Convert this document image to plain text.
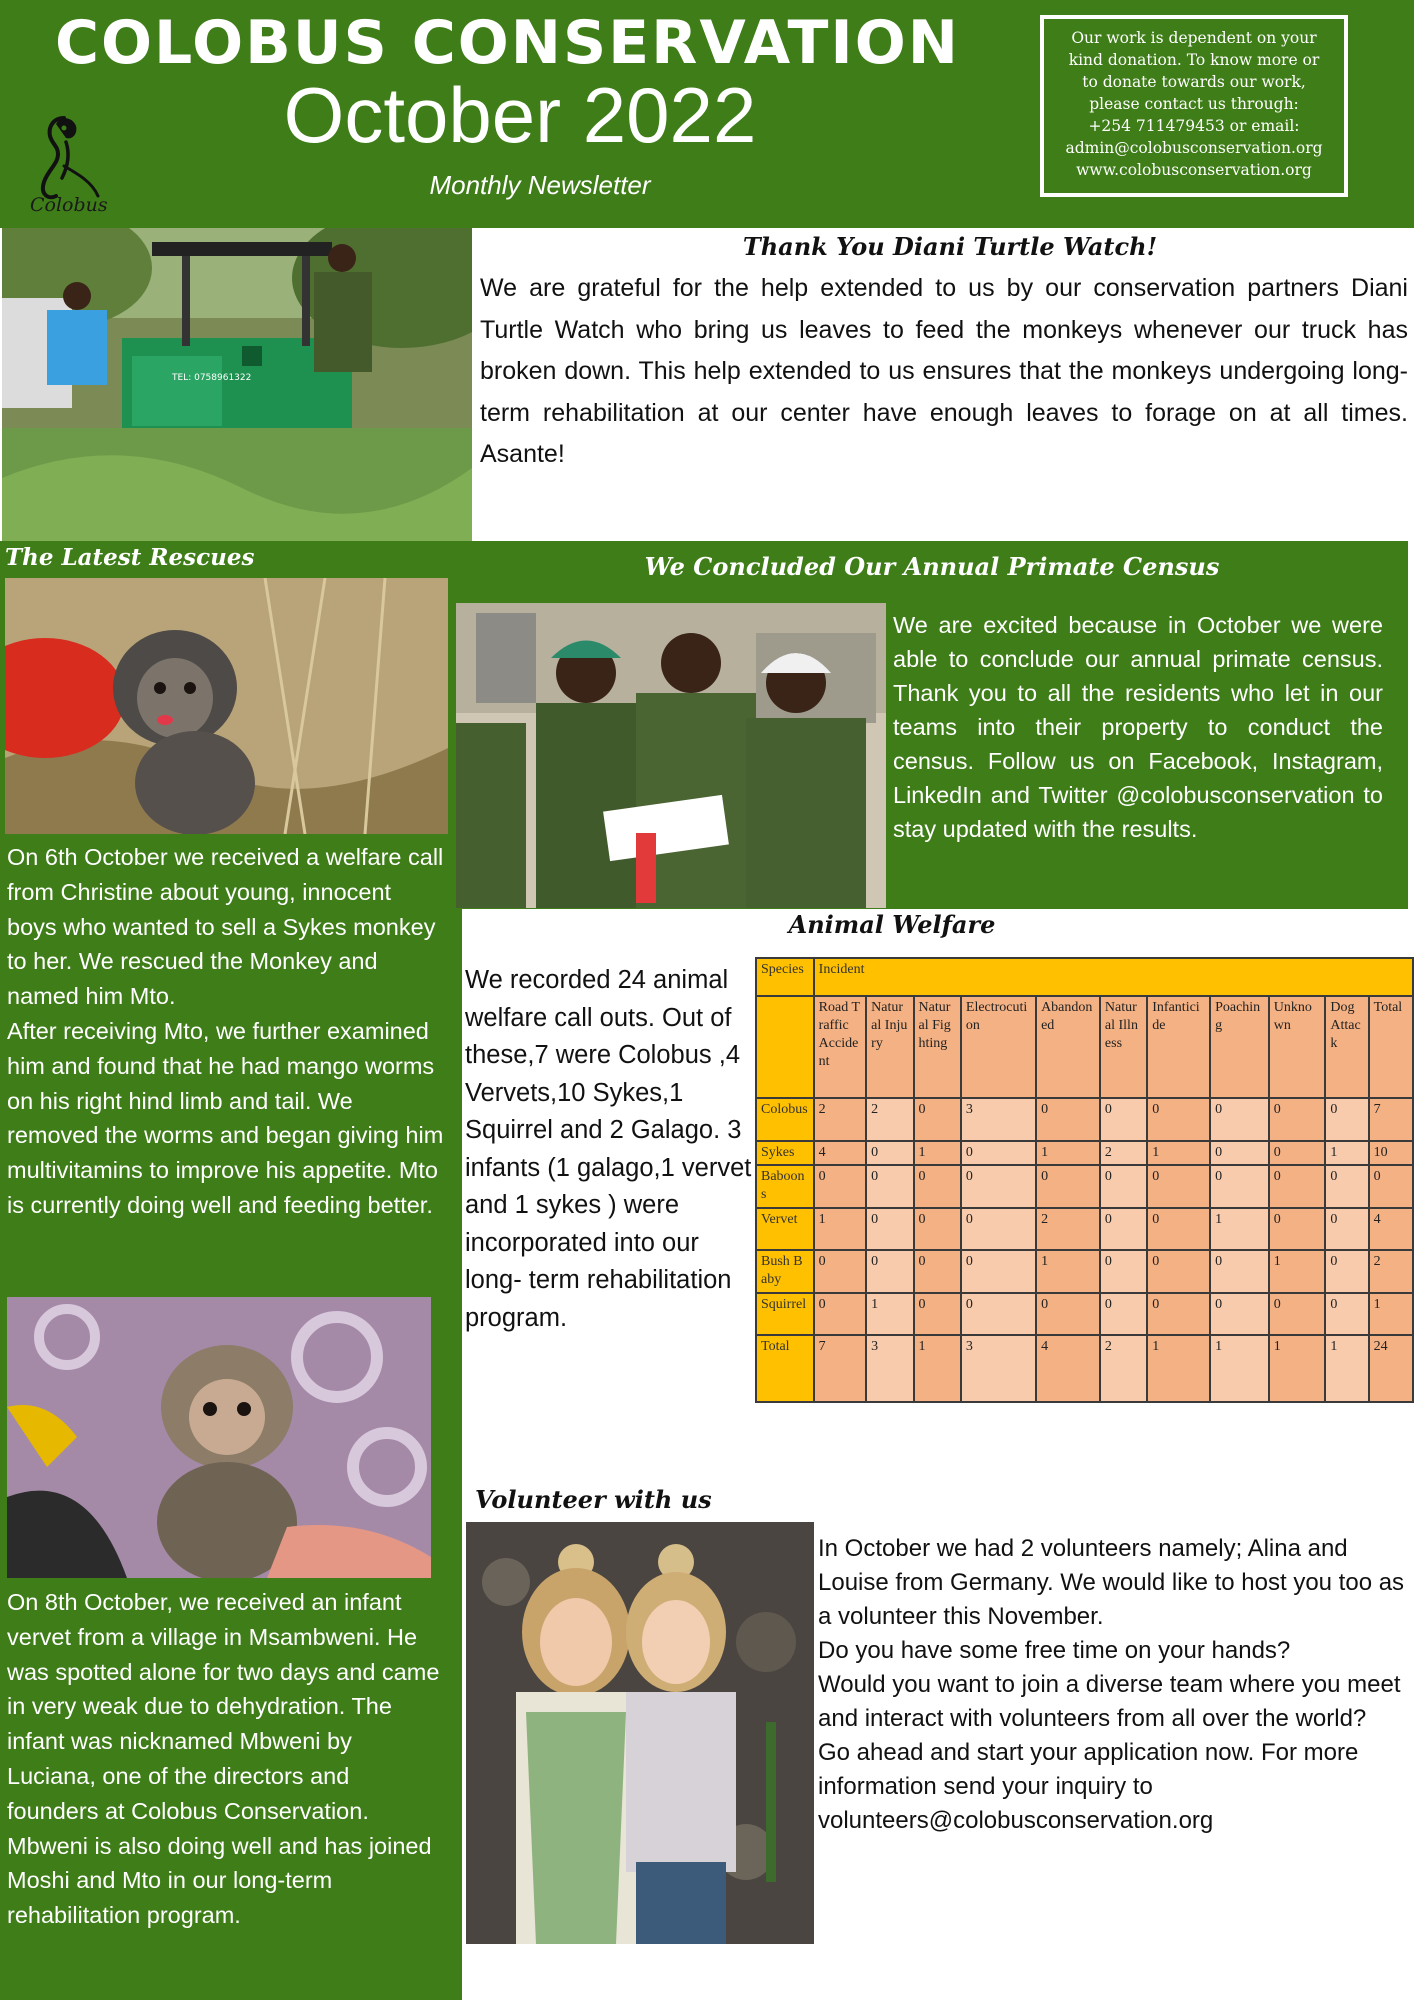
COLOBUS CONSERVATION
October 2022
Monthly Newsletter
Colobus
Our work is dependent on your
kind donation. To know more or
to donate towards our work,
please contact us through:
+254 711479453 or email:
admin@colobusconservation.org
www.colobusconservation.org
TEL: 0758961322
Thank You Diani Turtle Watch!
We are grateful for the help extended to us by our conservation partners Diani Turtle Watch who bring us leaves to feed the monkeys whenever our truck has broken down. This help extended to us ensures that the monkeys undergoing long-term rehabilitation at our center have enough leaves to forage on at all times. Asante!
The Latest Rescues
On 6th October we received a welfare call from Christine about young, innocent boys who wanted to sell a Sykes monkey to her. We rescued the Monkey and named him Mto.
After receiving Mto, we further examined him and found that he had mango worms on his right hind limb and tail. We removed the worms and began giving him multivitamins to improve his appetite. Mto is currently doing well and feeding better.
On 8th October, we received an infant vervet from a village in Msambweni. He was spotted alone for two days and came in very weak due to dehydration. The infant was nicknamed Mbweni by Luciana, one of the directors and founders at Colobus Conservation. Mbweni is also doing well and has joined Moshi and Mto in our long-term rehabilitation program.
We Concluded Our Annual Primate Census
We are excited because in October we were able to conclude our annual primate census. Thank you to all the residents who let in our teams into their property to conduct the census. Follow us on Facebook, Instagram, LinkedIn and Twitter @colobusconservation to stay updated with the results.
Animal Welfare
We recorded 24 animal welfare call outs. Out of these,7 were Colobus ,4 Vervets,10 Sykes,1 Squirrel and 2 Galago. 3 infants (1 galago,1 vervet and 1 sykes ) were incorporated into our long- term rehabilitation program.
Species	Incident										
	Road Traffic Accident	Natural Injury	Natural Fighting	Electrocution	Abandoned	Natural Illness	Infanticide	Poaching	Unknown	Dog Attack	Total
Colobus	2	2	0	3	0	0	0	0	0	0	7
Sykes	4	0	1	0	1	2	1	0	0	1	10
Baboons	0	0	0	0	0	0	0	0	0	0	0
Vervet	1	0	0	0	2	0	0	1	0	0	4
Bush Baby	0	0	0	0	1	0	0	0	1	0	2
Squirrel	0	1	0	0	0	0	0	0	0	0	1
Total	7	3	1	3	4	2	1	1	1	1	24
Volunteer with us
In October we had 2 volunteers namely; Alina and Louise from Germany. We would like to host you too as a volunteer this November.
Do you have some free time on your hands?
Would you want to join a diverse team where you meet and interact with volunteers from all over the world?
Go ahead and start your application now. For more information send your inquiry to volunteers@colobusconservation.org
